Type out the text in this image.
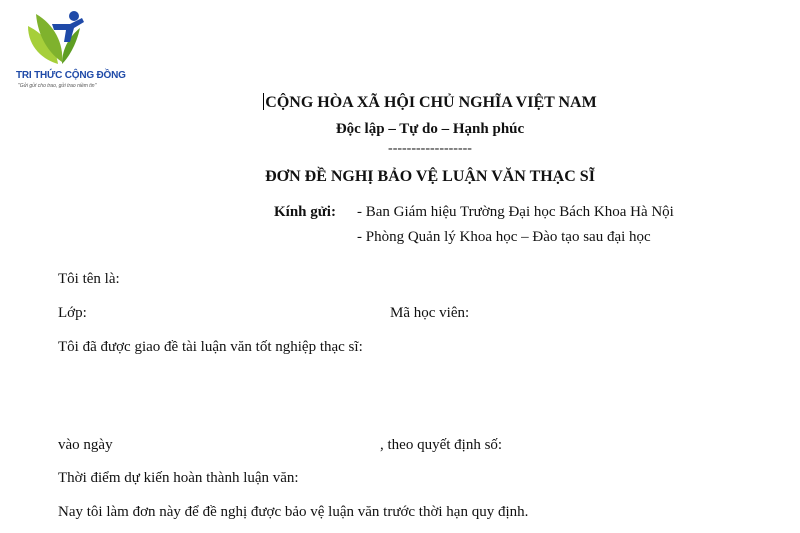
TRI THỨC CỘNG ĐỒNG
"Gửi gửi cho trao, gửi trao niềm tin"
CỘNG HÒA XÃ HỘI CHỦ NGHĨA VIỆT NAM
Độc lập – Tự do – Hạnh phúc
------------------
ĐƠN ĐỀ NGHỊ BẢO VỆ LUẬN VĂN THẠC SĨ
Kính gửi: - Ban Giám hiệu Trường Đại học Bách Khoa Hà Nội
- Phòng Quản lý Khoa học – Đào tạo sau đại học
Tôi tên là:
Lớp:	Mã học viên:
Tôi đã được giao đề tài luận văn tốt nghiệp thạc sĩ:
vào ngày	, theo quyết định số:
Thời điểm dự kiến hoàn thành luận văn:
Nay tôi làm đơn này để đề nghị được bảo vệ luận văn trước thời hạn quy định.
